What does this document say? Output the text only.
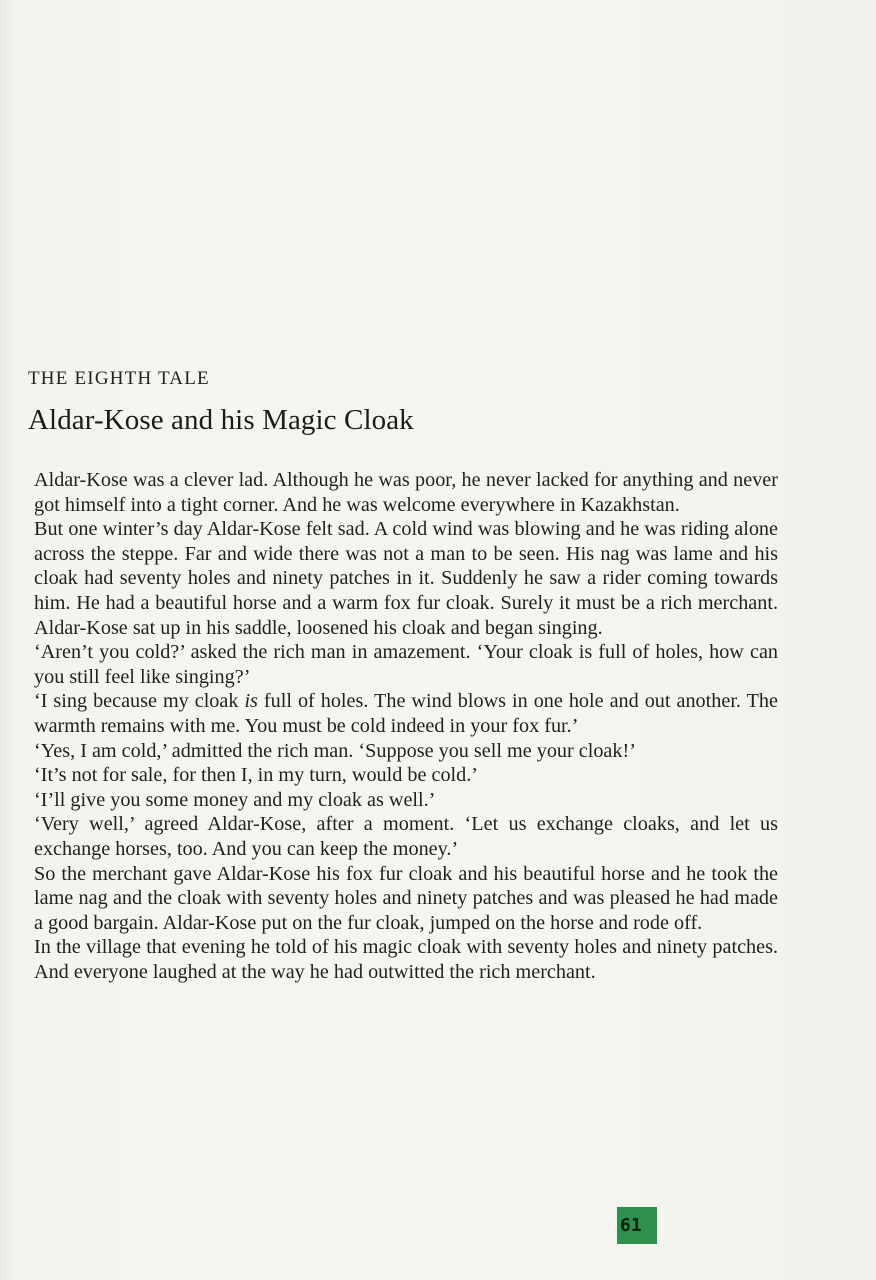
THE EIGHTH TALE
Aldar-Kose and his Magic Cloak

Aldar-Kose was a clever lad. Although he was poor, he never lacked for anything and never got himself into a tight corner. And he was welcome everywhere in Kazakhstan.

But one winter’s day Aldar-Kose felt sad. A cold wind was blowing and he was riding alone across the steppe. Far and wide there was not a man to be seen. His nag was lame and his cloak had seventy holes and ninety patches in it. Suddenly he saw a rider coming towards him. He had a beautiful horse and a warm fox fur cloak. Surely it must be a rich merchant. Aldar-Kose sat up in his saddle, loosened his cloak and began singing.

‘Aren’t you cold?’ asked the rich man in amazement. ‘Your cloak is full of holes, how can you still feel like singing?’

‘I sing because my cloak is full of holes. The wind blows in one hole and out another. The warmth remains with me. You must be cold indeed in your fox fur.’

‘Yes, I am cold,’ admitted the rich man. ‘Suppose you sell me your cloak!’

‘It’s not for sale, for then I, in my turn, would be cold.’

‘I’ll give you some money and my cloak as well.’

‘Very well,’ agreed Aldar-Kose, after a moment. ‘Let us exchange cloaks, and let us exchange horses, too. And you can keep the money.’

So the merchant gave Aldar-Kose his fox fur cloak and his beautiful horse and he took the lame nag and the cloak with seventy holes and ninety patches and was pleased he had made a good bargain. Aldar-Kose put on the fur cloak, jumped on the horse and rode off.

In the village that evening he told of his magic cloak with seventy holes and ninety patches. And everyone laughed at the way he had outwitted the rich merchant.

61
